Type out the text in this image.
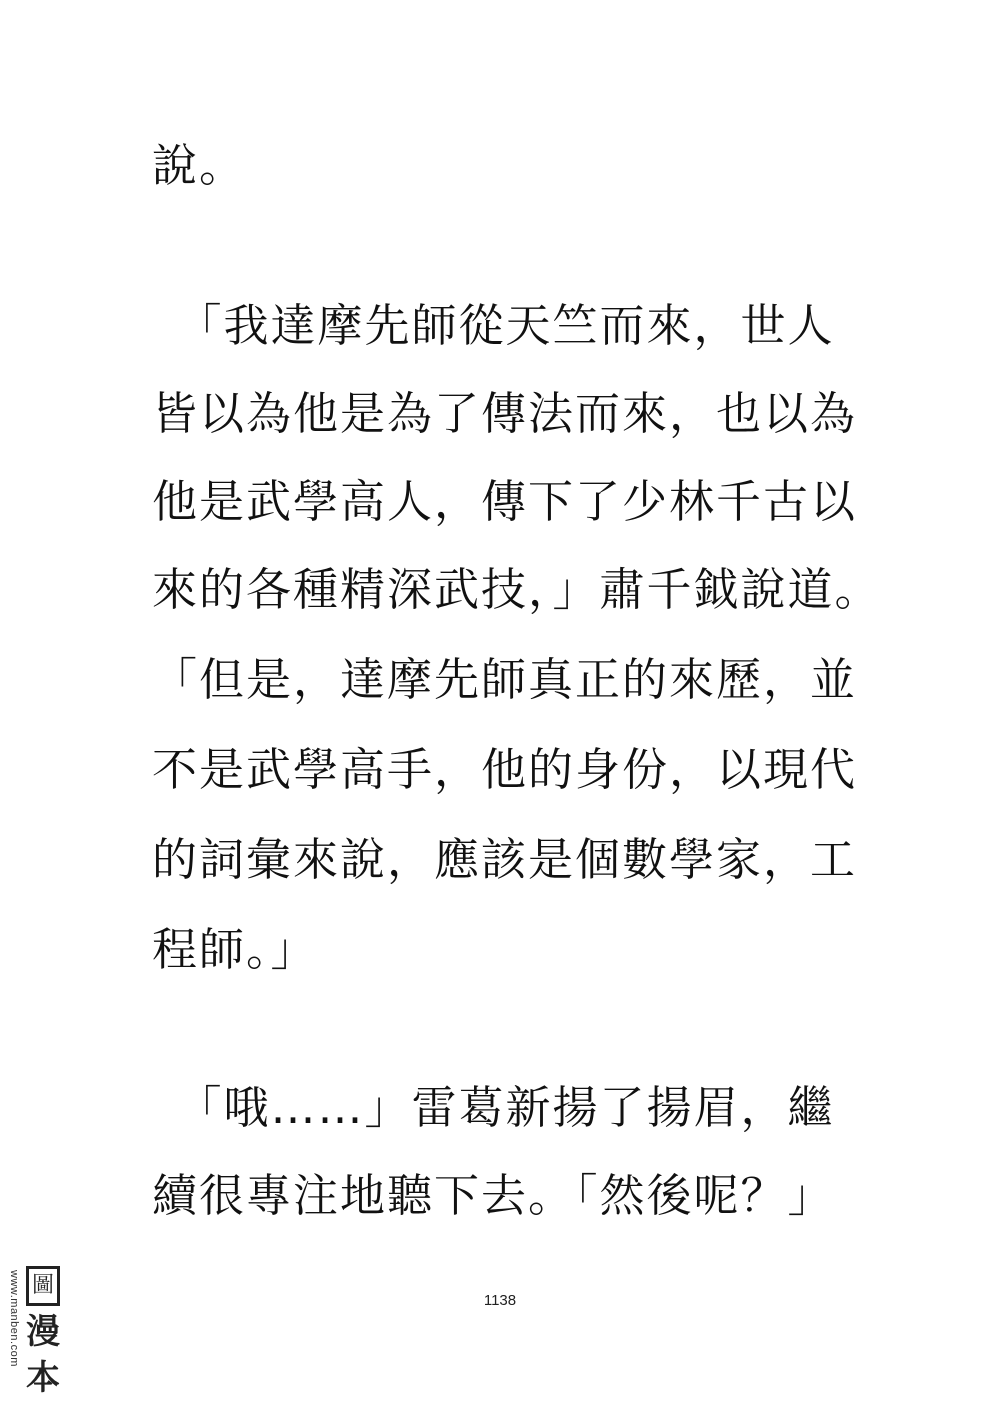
說。
　「我達摩先師從天竺而來，世人
皆以為他是為了傳法而來，也以為
他是武學高人，傳下了少林千古以
來的各種精深武技，」肅千鉞說道。
「但是，達摩先師真正的來歷，並
不是武學高手，他的身份，以現代
的詞彙來說，應該是個數學家，工
程師。」
　「哦……」雷葛新揚了揚眉，繼
續很專注地聽下去。「然後呢？」
1138
www.manben.com 圖
漫
本
